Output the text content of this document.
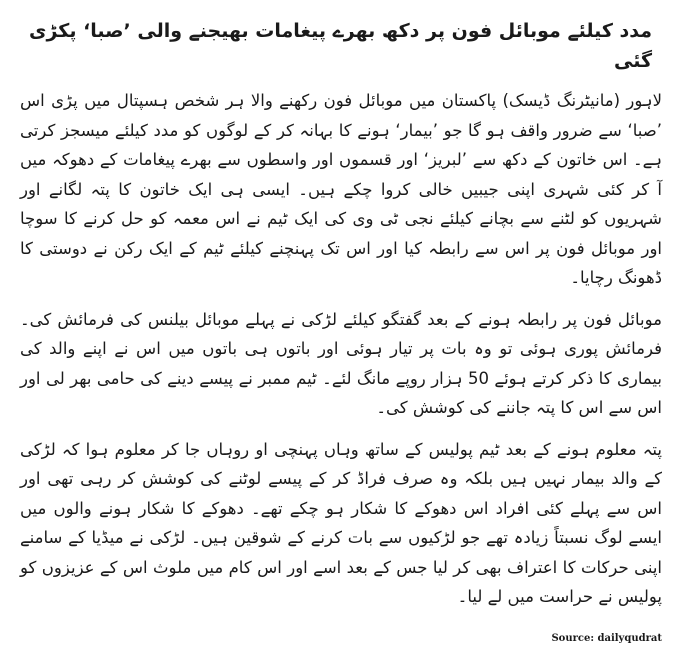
مدد کیلئے موبائل فون پر دکھ بھرے پیغامات بھیجنے والی ’صبا‘ پکڑی گئی

لاہور (مانیٹرنگ ڈیسک) پاکستان میں موبائل فون رکھنے والا ہر شخص ہسپتال میں پڑی اس ’صبا‘ سے ضرور واقف ہو گا جو ’بیمار‘ ہونے کا بہانہ کر کے لوگوں کو مدد کیلئے میسجز کرتی ہے۔ اس خاتون کے دکھ سے ’لبریز‘ اور قسموں اور واسطوں سے بھرے پیغامات کے دھوکہ میں آ کر کئی شہری اپنی جیبیں خالی کروا چکے ہیں۔ ایسی ہی ایک خاتون کا پتہ لگانے اور شہریوں کو لٹنے سے بچانے کیلئے نجی ٹی وی کی ایک ٹیم نے اس معمہ کو حل کرنے کا سوچا اور موبائل فون پر اس سے رابطہ کیا اور اس تک پہنچنے کیلئے ٹیم کے ایک رکن نے دوستی کا ڈھونگ رچایا۔

موبائل فون پر رابطہ ہونے کے بعد گفتگو کیلئے لڑکی نے پہلے موبائل بیلنس کی فرمائش کی۔ فرمائش پوری ہوئی تو وہ بات پر تیار ہوئی اور باتوں ہی باتوں میں اس نے اپنے والد کی بیماری کا ذکر کرتے ہوئے 50 ہزار روپے مانگ لئے۔ ٹیم ممبر نے پیسے دینے کی حامی بھر لی اور اس سے اس کا پتہ جاننے کی کوشش کی۔

پتہ معلوم ہونے کے بعد ٹیم پولیس کے ساتھ وہاں پہنچی او روہاں جا کر معلوم ہوا کہ لڑکی کے والد بیمار نہیں ہیں بلکہ وہ صرف فراڈ کر کے پیسے لوٹنے کی کوشش کر رہی تھی اور اس سے پہلے کئی افراد اس دھوکے کا شکار ہو چکے تھے۔ دھوکے کا شکار ہونے والوں میں ایسے لوگ نسبتاً زیادہ تھے جو لڑکیوں سے بات کرنے کے شوقین ہیں۔ لڑکی نے میڈیا کے سامنے اپنی حرکات کا اعتراف بھی کر لیا جس کے بعد اسے اور اس کام میں ملوث اس کے عزیزوں کو پولیس نے حراست میں لے لیا۔

Source: dailyqudrat
